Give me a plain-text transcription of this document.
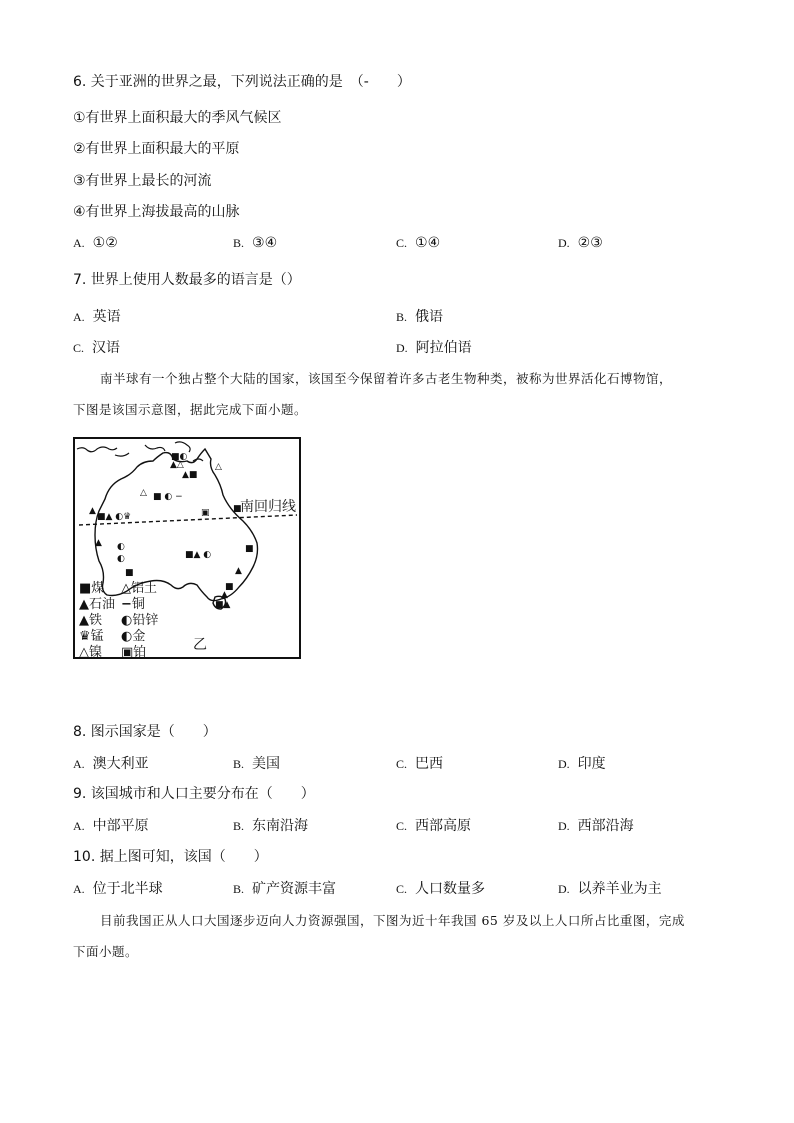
6. 关于亚洲的世界之最，下列说法正确的是　（-　　）
①有世界上面积最大的季风气候区
②有世界上面积最大的平原
③有世界上最长的河流
④有世界上海拔最高的山脉
A. ①②	B. ③④	C. ①④	D. ②③
7. 世界上使用人数最多的语言是（）
A. 英语	B. 俄语
C. 汉语	D. 阿拉伯语
南半球有一个独占整个大陆的国家，该国至今保留着许多古老生物种类，被称为世界活化石博物馆，
下图是该国示意图，据此完成下面小题。
▲△
▲■
■◐
△
△ ■ ◐ −
▲
■▲ ◐♛	▣	■
◐
◐	■▲ ◐
▲
■
■
▲
■
▲
■▲
南回归线
乙
■煤
▲石油
▲铁
♛锰
△镍
△铝土
−铜
◐铅锌
◐金
▣铂
8. 图示国家是（　　）
A. 澳大利亚	B. 美国	C. 巴西	D. 印度
9. 该国城市和人口主要分布在（　　）
A. 中部平原	B. 东南沿海	C. 西部高原	D. 西部沿海
10. 据上图可知，该国（　　）
A. 位于北半球	B. 矿产资源丰富	C. 人口数量多	D. 以养羊业为主
目前我国正从人口大国逐步迈向人力资源强国，下图为近十年我国 65 岁及以上人口所占比重图，完成
下面小题。
